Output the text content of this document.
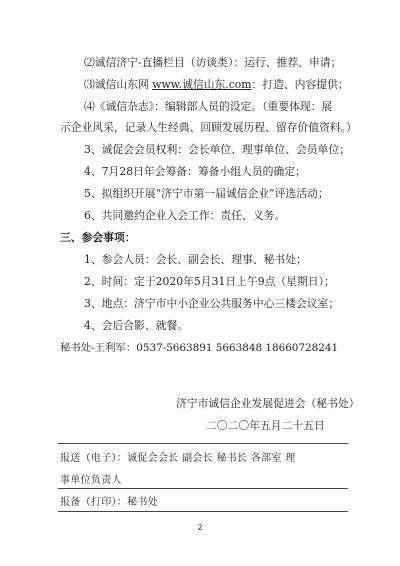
⑵诚信济宁-直播栏目（访谈类）：运行、推荐、申请；
⑶诚信山东网 www.诚信山东.com：打造、内容提供；
⑷《诚信杂志》：编辑部人员的设定。（重要体现：展
示企业风采，记录人生经典、回顾发展历程、留存价值资料。）
3、诚促会会员权利：会长单位、理事单位、会员单位；
4、7月28日年会筹备：筹备小组人员的确定；
5、拟组织开展“济宁市第一届诚信企业”评选活动；
6、共同邀约企业入会工作：责任、义务。
三、参会事项：
1、参会人员：会长、副会长、理事、秘书处；
2、时间：定于2020年5月31日上午9点（星期日）；
3、地点：济宁市中小企业公共服务中心三楼会议室；
4、会后合影、就餐。
秘书处-王利军：0537-5663891 5663848 18660728241
济宁市诚信企业发展促进会（秘书处）
二〇二〇年五月二十五日
报送（电子）：诚促会会长 副会长 秘书长 各部室 理
事单位负责人
报备（打印）：秘书处
2
